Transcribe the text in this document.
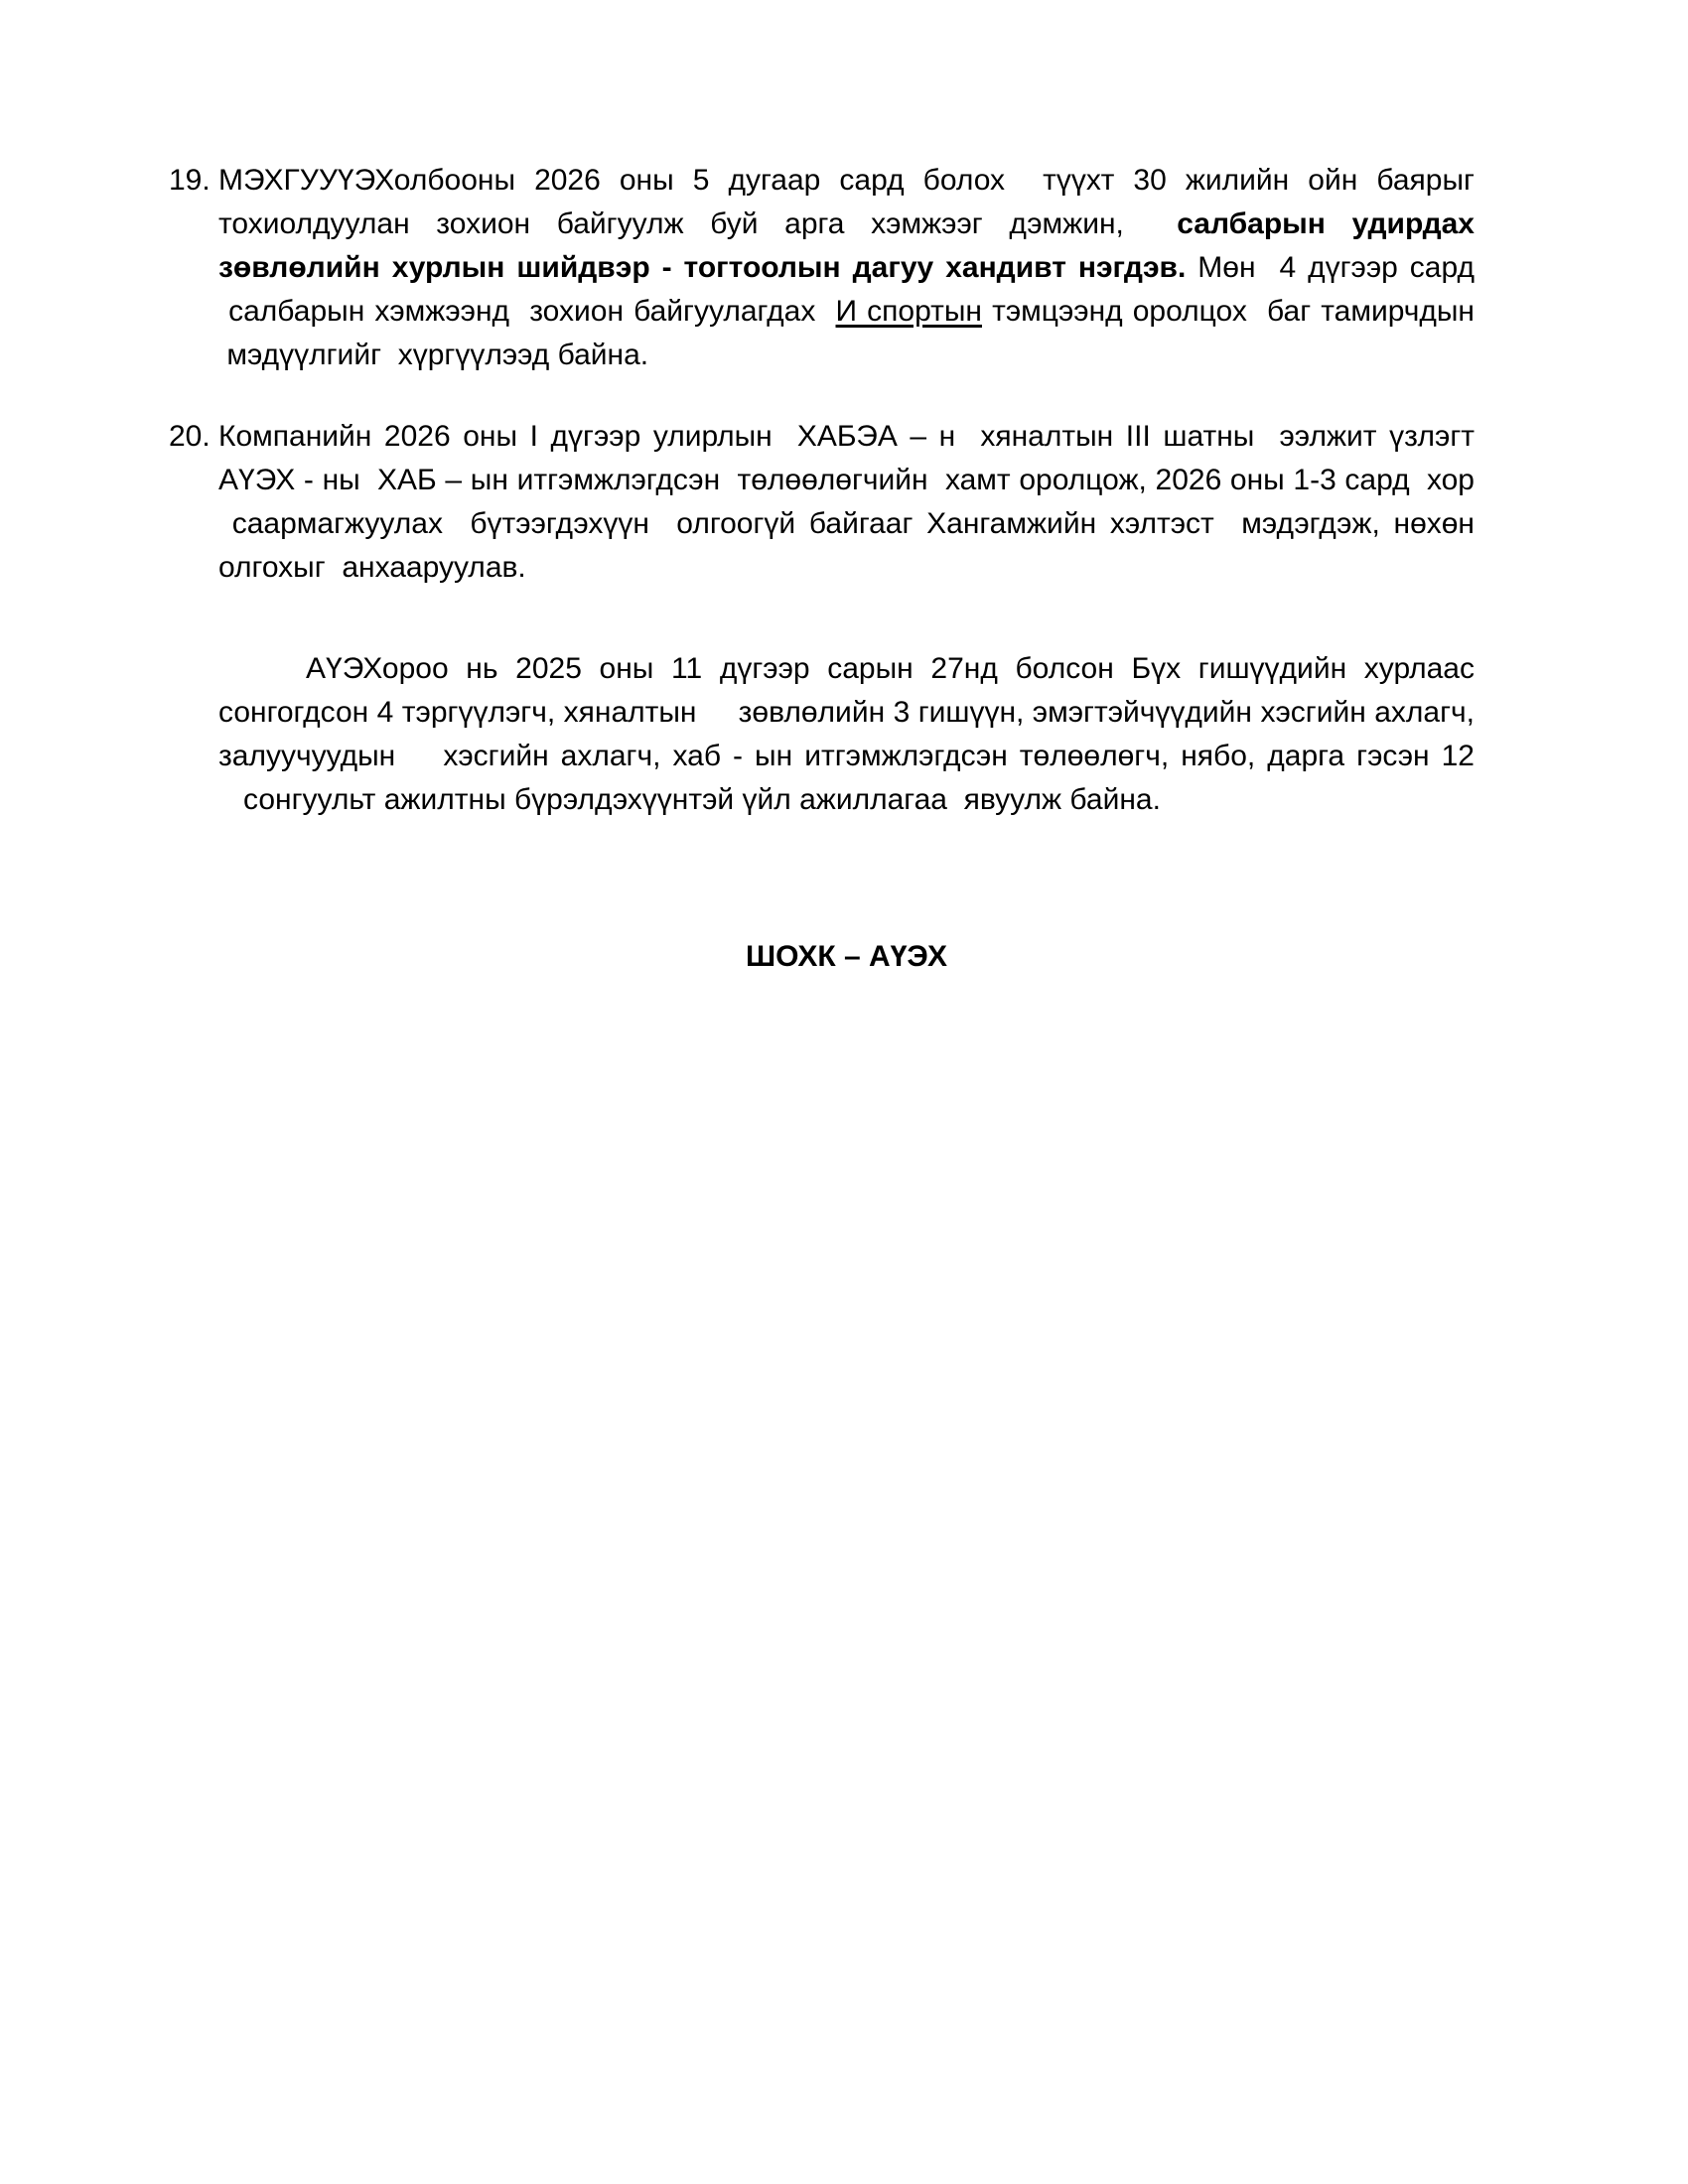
19. МЭХГУУҮЭХолбооны 2026 оны 5 дугаар сард болох  түүхт 30 жилийн ойн баярыг тохиолдуулан зохион байгуулж буй арга хэмжээг дэмжин,  салбарын удирдах зөвлөлийн хурлын шийдвэр - тогтоолын дагуу хандивт нэгдэв. Мөн  4 дүгээр сард  салбарын хэмжээнд  зохион байгуулагдах  И спортын тэмцээнд оролцох  баг тамирчдын  мэдүүлгийг  хүргүүлээд байна.

20. Компанийн 2026 оны I дүгээр улирлын  ХАБЭА – н  хяналтын III шатны  ээлжит үзлэгт АҮЭХ - ны  ХАБ – ын итгэмжлэгдсэн  төлөөлөгчийн  хамт оролцож, 2026 оны 1-3 сард  хор  саармагжуулах  бүтээгдэхүүн  олгоогүй байгааг Хангамжийн хэлтэст  мэдэгдэж, нөхөн олгохыг  анхааруулав.

АҮЭХороо нь 2025 оны 11 дүгээр сарын 27нд болсон Бүх гишүүдийн хурлаас сонгогдсон 4 тэргүүлэгч, хяналтын     зөвлөлийн 3 гишүүн, эмэгтэйчүүдийн хэсгийн ахлагч, залуучуудын    хэсгийн ахлагч, хаб - ын итгэмжлэгдсэн төлөөлөгч, нябо, дарга гэсэн 12    сонгуульт ажилтны бүрэлдэхүүнтэй үйл ажиллагаа  явуулж байна.

ШОХК – АҮЭХ
